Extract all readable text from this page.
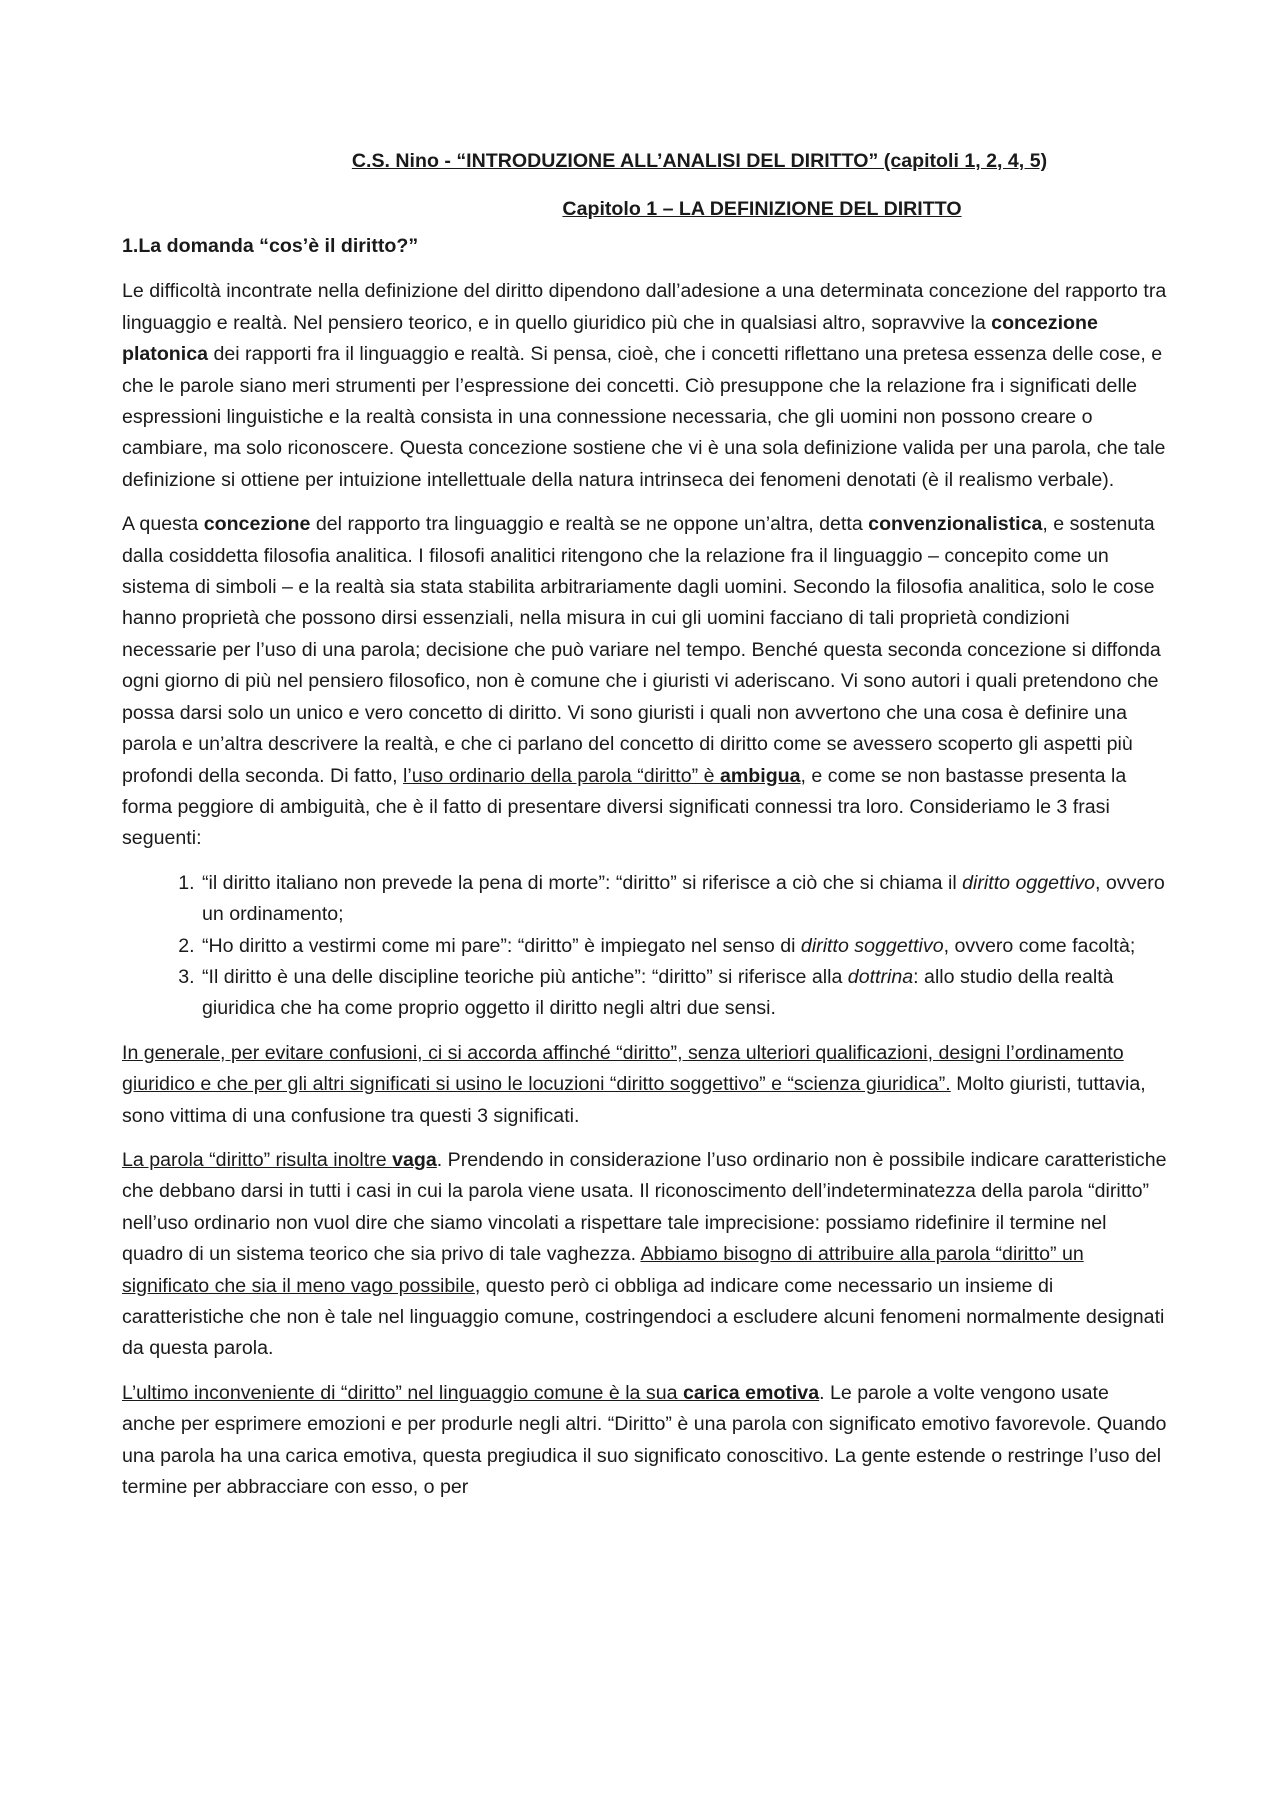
C.S. Nino - “INTRODUZIONE ALL’ANALISI DEL DIRITTO” (capitoli 1, 2, 4, 5)

Capitolo 1 – LA DEFINIZIONE DEL DIRITTO

1.La domanda “cos’è il diritto?”

Le difficoltà incontrate nella definizione del diritto dipendono dall’adesione a una determinata concezione del rapporto tra linguaggio e realtà. Nel pensiero teorico, e in quello giuridico più che in qualsiasi altro, sopravvive la concezione platonica dei rapporti fra il linguaggio e realtà. Si pensa, cioè, che i concetti riflettano una pretesa essenza delle cose, e che le parole siano meri strumenti per l’espressione dei concetti. Ciò presuppone che la relazione fra i significati delle espressioni linguistiche e la realtà consista in una connessione necessaria, che gli uomini non possono creare o cambiare, ma solo riconoscere. Questa concezione sostiene che vi è una sola definizione valida per una parola, che tale definizione si ottiene per intuizione intellettuale della natura intrinseca dei fenomeni denotati (è il realismo verbale).

A questa concezione del rapporto tra linguaggio e realtà se ne oppone un’altra, detta convenzionalistica, e sostenuta dalla cosiddetta filosofia analitica. I filosofi analitici ritengono che la relazione fra il linguaggio – concepito come un sistema di simboli – e la realtà sia stata stabilita arbitrariamente dagli uomini. Secondo la filosofia analitica, solo le cose hanno proprietà che possono dirsi essenziali, nella misura in cui gli uomini facciano di tali proprietà condizioni necessarie per l’uso di una parola; decisione che può variare nel tempo. Benché questa seconda concezione si diffonda ogni giorno di più nel pensiero filosofico, non è comune che i giuristi vi aderiscano. Vi sono autori i quali pretendono che possa darsi solo un unico e vero concetto di diritto. Vi sono giuristi i quali non avvertono che una cosa è definire una parola e un’altra descrivere la realtà, e che ci parlano del concetto di diritto come se avessero scoperto gli aspetti più profondi della seconda. Di fatto, l’uso ordinario della parola “diritto” è ambigua, e come se non bastasse presenta la forma peggiore di ambiguità, che è il fatto di presentare diversi significati connessi tra loro. Consideriamo le 3 frasi seguenti:

1. “il diritto italiano non prevede la pena di morte”: “diritto” si riferisce a ciò che si chiama il diritto oggettivo, ovvero un ordinamento;
2. “Ho diritto a vestirmi come mi pare”: “diritto” è impiegato nel senso di diritto soggettivo, ovvero come facoltà;
3. “Il diritto è una delle discipline teoriche più antiche”: “diritto” si riferisce alla dottrina: allo studio della realtà giuridica che ha come proprio oggetto il diritto negli altri due sensi.

In generale, per evitare confusioni, ci si accorda affinché “diritto”, senza ulteriori qualificazioni, designi l’ordinamento giuridico e che per gli altri significati si usino le locuzioni “diritto soggettivo” e “scienza giuridica”. Molto giuristi, tuttavia, sono vittima di una confusione tra questi 3 significati.

La parola “diritto” risulta inoltre vaga. Prendendo in considerazione l’uso ordinario non è possibile indicare caratteristiche che debbano darsi in tutti i casi in cui la parola viene usata. Il riconoscimento dell’indeterminatezza della parola “diritto” nell’uso ordinario non vuol dire che siamo vincolati a rispettare tale imprecisione: possiamo ridefinire il termine nel quadro di un sistema teorico che sia privo di tale vaghezza. Abbiamo bisogno di attribuire alla parola “diritto” un significato che sia il meno vago possibile, questo però ci obbliga ad indicare come necessario un insieme di caratteristiche che non è tale nel linguaggio comune, costringendoci a escludere alcuni fenomeni normalmente designati da questa parola.

L’ultimo inconveniente di “diritto” nel linguaggio comune è la sua carica emotiva. Le parole a volte vengono usate anche per esprimere emozioni e per produrle negli altri. “Diritto” è una parola con significato emotivo favorevole. Quando una parola ha una carica emotiva, questa pregiudica il suo significato conoscitivo. La gente estende o restringe l’uso del termine per abbracciare con esso, o per
